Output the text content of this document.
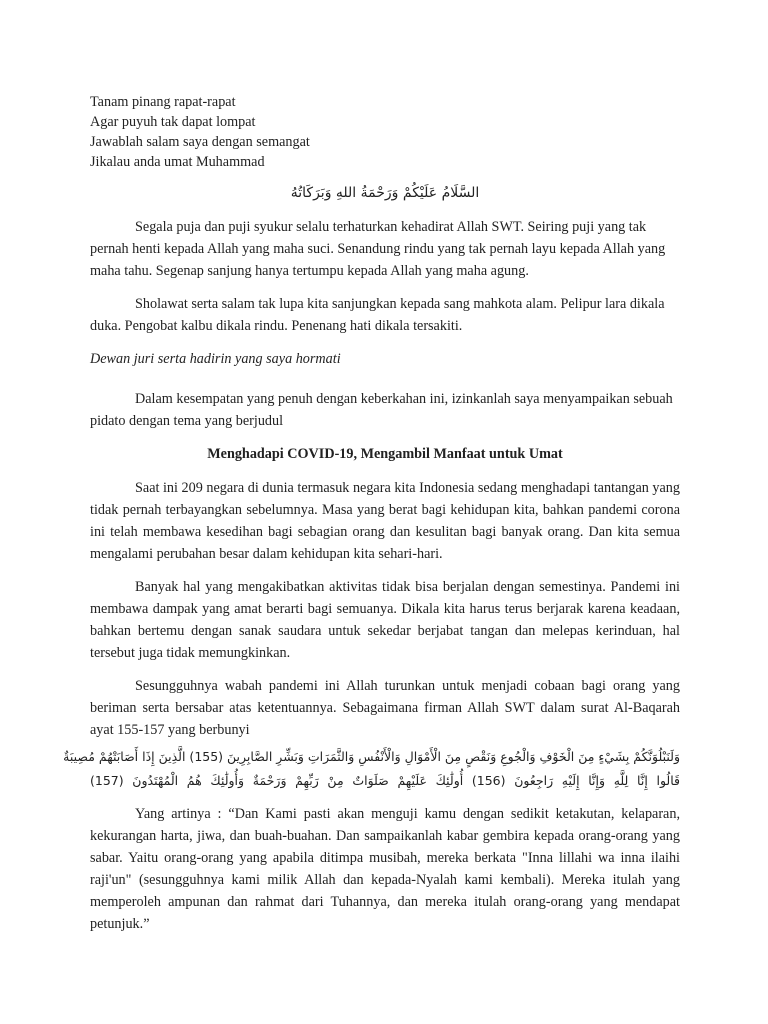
Tanam pinang rapat-rapat
Agar puyuh tak dapat lompat
Jawablah salam saya dengan semangat
Jikalau anda umat Muhammad
السَّلَامُ عَلَيْكُمْ وَرَحْمَةُ اللهِ وَبَرَكَاتُهُ
Segala puja dan puji syukur selalu terhaturkan kehadirat Allah SWT. Seiring puji yang tak pernah henti kepada Allah yang maha suci. Senandung rindu yang tak pernah layu kepada Allah yang maha tahu. Segenap sanjung hanya tertumpu kepada Allah yang maha agung.
Sholawat serta salam tak lupa kita sanjungkan kepada sang mahkota alam. Pelipur lara dikala duka. Pengobat kalbu dikala rindu. Penenang hati dikala tersakiti.
Dewan juri serta hadirin yang saya hormati
Dalam kesempatan yang penuh dengan keberkahan ini, izinkanlah saya menyampaikan sebuah pidato dengan tema yang berjudul
Menghadapi COVID-19, Mengambil Manfaat untuk Umat
Saat ini 209 negara di dunia termasuk negara kita Indonesia sedang menghadapi tantangan yang tidak pernah terbayangkan sebelumnya. Masa yang berat bagi kehidupan kita, bahkan pandemi corona ini telah membawa kesedihan bagi sebagian orang dan kesulitan bagi banyak orang. Dan kita semua mengalami perubahan besar dalam kehidupan kita sehari-hari.
Banyak hal yang mengakibatkan aktivitas tidak bisa berjalan dengan semestinya. Pandemi ini membawa dampak yang amat berarti bagi semuanya. Dikala kita harus terus berjarak karena keadaan, bahkan bertemu dengan sanak saudara untuk sekedar berjabat tangan dan melepas kerinduan, hal tersebut juga tidak memungkinkan.
Sesungguhnya wabah pandemi ini Allah turunkan untuk menjadi cobaan bagi orang yang beriman serta bersabar atas ketentuannya. Sebagaimana firman Allah SWT dalam surat Al-Baqarah ayat 155-157 yang berbunyi
وَلَنَبْلُوَنَّكُمْ بِشَيْءٍ مِنَ الْخَوْفِ وَالْجُوعِ وَنَقْصٍ مِنَ الْأَمْوَالِ وَالْأَنْفُسِ وَالثَّمَرَاتِ وَبَشِّرِ الصَّابِرِينَ (155) الَّذِينَ إِذَا أَصَابَتْهُمْ مُصِيبَةٌ
قَالُوا إِنَّا لِلَّهِ وَإِنَّا إِلَيْهِ رَاجِعُونَ (156) أُولَٰئِكَ عَلَيْهِمْ صَلَوَاتٌ مِنْ رَبِّهِمْ وَرَحْمَةٌ وَأُولَٰئِكَ هُمُ الْمُهْتَدُونَ (157)
Yang artinya : “Dan Kami pasti akan menguji kamu dengan sedikit ketakutan, kelaparan, kekurangan harta, jiwa, dan buah-buahan. Dan sampaikanlah kabar gembira kepada orang-orang yang sabar. Yaitu orang-orang yang apabila ditimpa musibah, mereka berkata "Inna lillahi wa inna ilaihi raji'un" (sesungguhnya kami milik Allah dan kepada-Nyalah kami kembali). Mereka itulah yang memperoleh ampunan dan rahmat dari Tuhannya, dan mereka itulah orang-orang yang mendapat petunjuk.”
